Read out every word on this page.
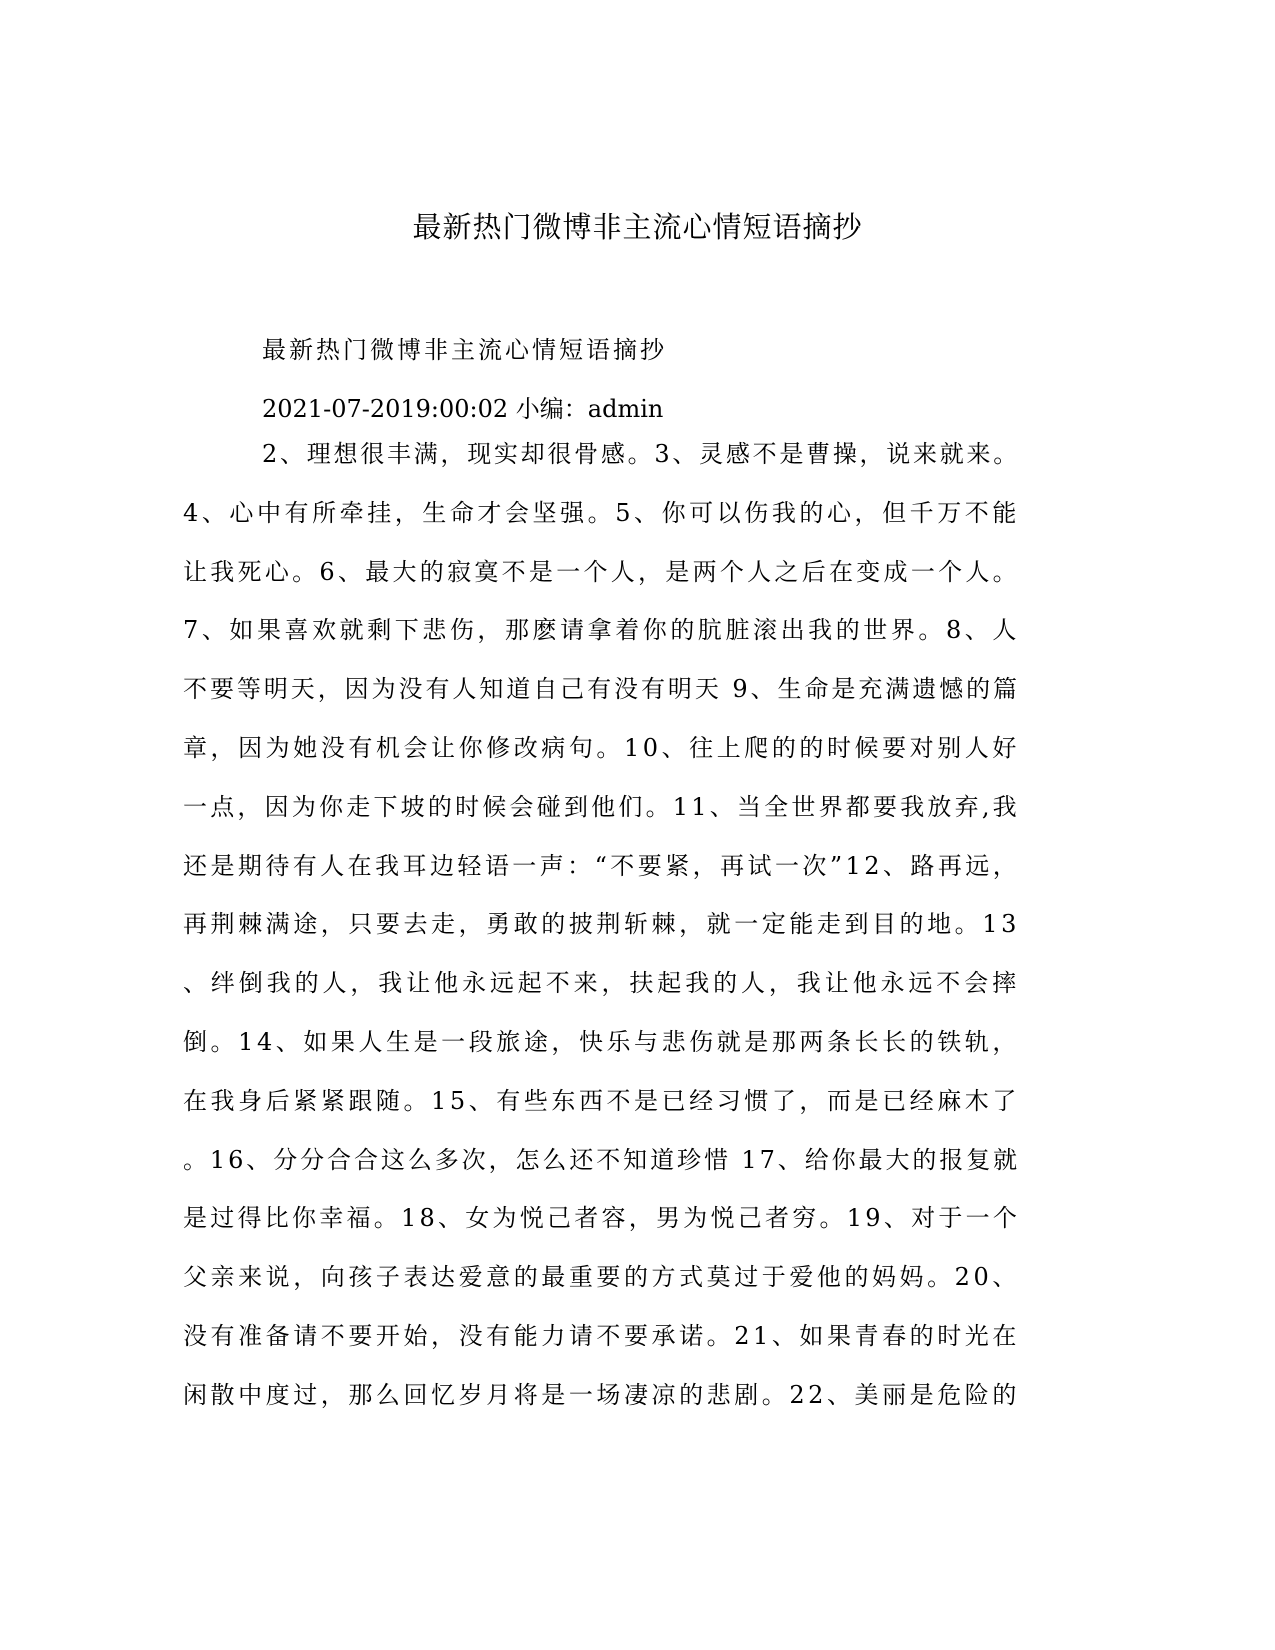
最新热门微博非主流心情短语摘抄
最新热门微博非主流心情短语摘抄
2021-07-2019:00:02 小编：admin
2、理想很丰满，现实却很骨感。3、灵感不是曹操，说来就来。
4、心中有所牵挂，生命才会坚强。5、你可以伤我的心，但千万不能
让我死心。6、最大的寂寞不是一个人，是两个人之后在变成一个人。
7、如果喜欢就剩下悲伤，那麽请拿着你的肮脏滚出我的世界。8、人
不要等明天，因为没有人知道自己有没有明天 9、生命是充满遗憾的篇
章，因为她没有机会让你修改病句。10、往上爬的的时候要对别人好
一点，因为你走下坡的时候会碰到他们。11、当全世界都要我放弃,我
还是期待有人在我耳边轻语一声：“不要紧，再试一次”12、路再远，
再荆棘满途，只要去走，勇敢的披荆斩棘，就一定能走到目的地。13
、绊倒我的人，我让他永远起不来，扶起我的人，我让他永远不会摔
倒。14、如果人生是一段旅途，快乐与悲伤就是那两条长长的铁轨，
在我身后紧紧跟随。15、有些东西不是已经习惯了，而是已经麻木了
。16、分分合合这么多次，怎么还不知道珍惜 17、给你最大的报复就
是过得比你幸福。18、女为悦己者容，男为悦己者穷。19、对于一个
父亲来说，向孩子表达爱意的最重要的方式莫过于爱他的妈妈。20、
没有准备请不要开始，没有能力请不要承诺。21、如果青春的时光在
闲散中度过，那么回忆岁月将是一场凄凉的悲剧。22、美丽是危险的
